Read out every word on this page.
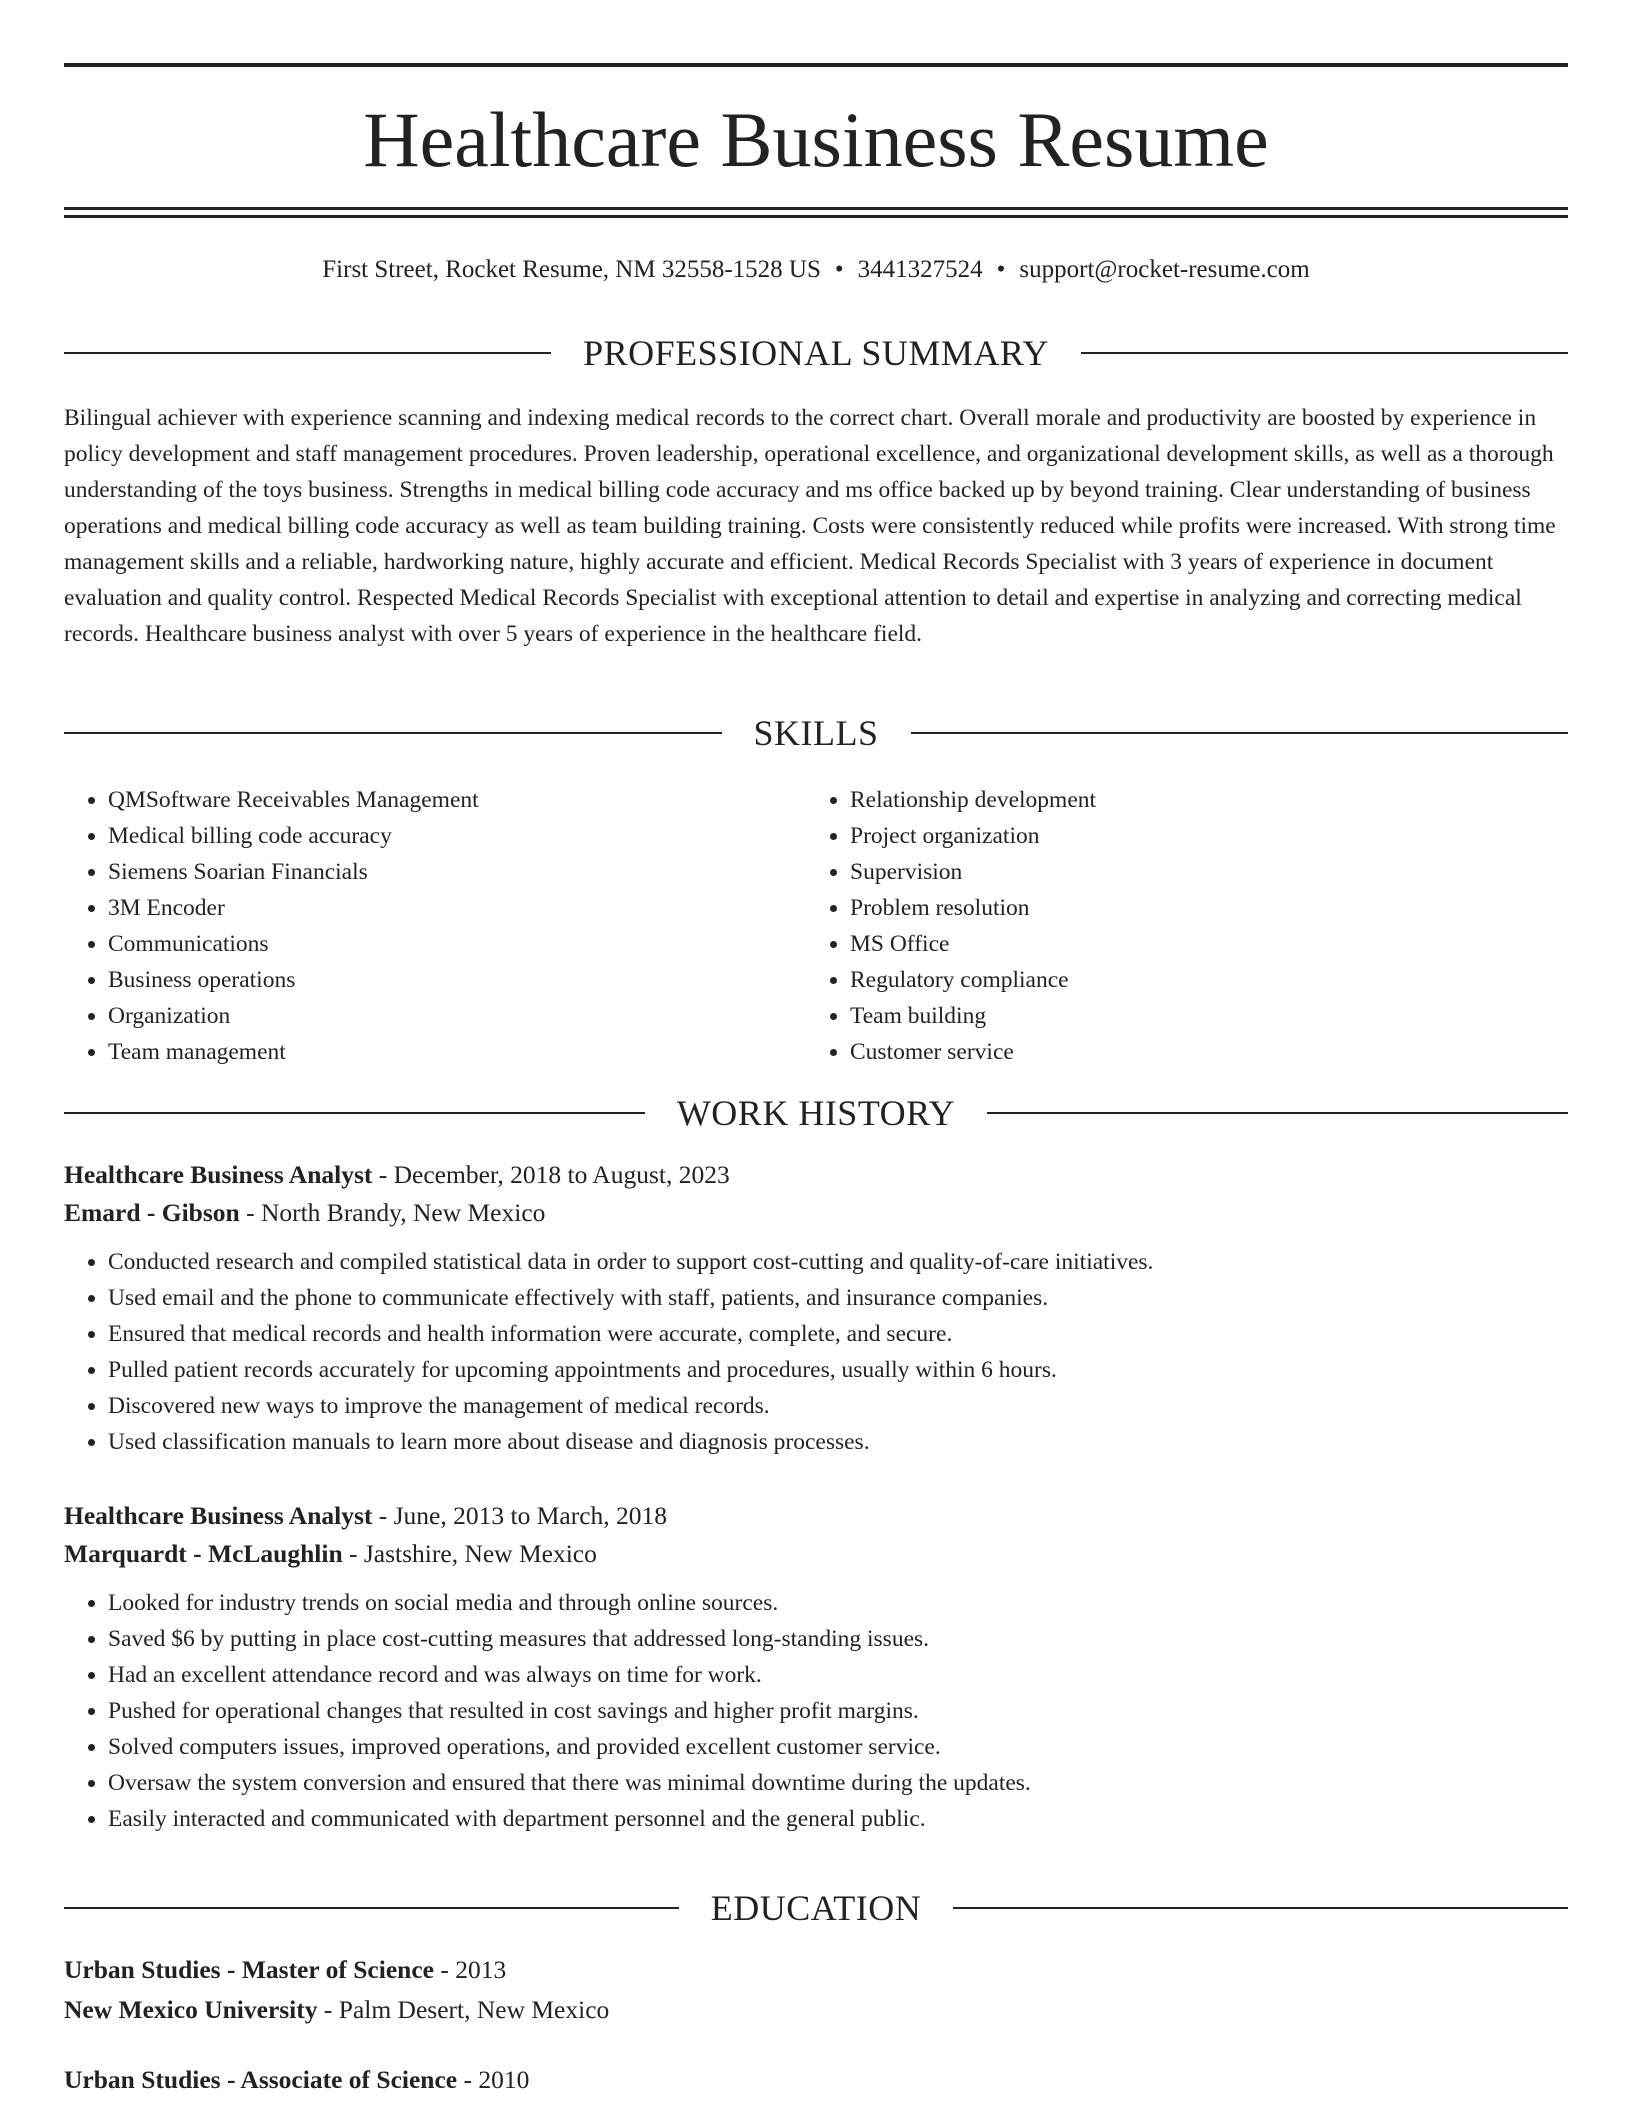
Healthcare Business Resume
First Street, Rocket Resume, NM 32558-1528 US • 3441327524 • support@rocket-resume.com
PROFESSIONAL SUMMARY

Bilingual achiever with experience scanning and indexing medical records to the correct chart. Overall morale and productivity are boosted by experience in policy development and staff management procedures. Proven leadership, operational excellence, and organizational development skills, as well as a thorough understanding of the toys business. Strengths in medical billing code accuracy and ms office backed up by beyond training. Clear understanding of business operations and medical billing code accuracy as well as team building training. Costs were consistently reduced while profits were increased. With strong time management skills and a reliable, hardworking nature, highly accurate and efficient. Medical Records Specialist with 3 years of experience in document evaluation and quality control. Respected Medical Records Specialist with exceptional attention to detail and expertise in analyzing and correcting medical records. Healthcare business analyst with over 5 years of experience in the healthcare field.

SKILLS
• QMSoftware Receivables Management
• Medical billing code accuracy
• Siemens Soarian Financials
• 3M Encoder
• Communications
• Business operations
• Organization
• Team management
• Relationship development
• Project organization
• Supervision
• Problem resolution
• MS Office
• Regulatory compliance
• Team building
• Customer service
WORK HISTORY
Healthcare Business Analyst - December, 2018 to August, 2023
Emard - Gibson - North Brandy, New Mexico
• Conducted research and compiled statistical data in order to support cost-cutting and quality-of-care initiatives.
• Used email and the phone to communicate effectively with staff, patients, and insurance companies.
• Ensured that medical records and health information were accurate, complete, and secure.
• Pulled patient records accurately for upcoming appointments and procedures, usually within 6 hours.
• Discovered new ways to improve the management of medical records.
• Used classification manuals to learn more about disease and diagnosis processes.
Healthcare Business Analyst - June, 2013 to March, 2018
Marquardt - McLaughlin - Jastshire, New Mexico
• Looked for industry trends on social media and through online sources.
• Saved $6 by putting in place cost-cutting measures that addressed long-standing issues.
• Had an excellent attendance record and was always on time for work.
• Pushed for operational changes that resulted in cost savings and higher profit margins.
• Solved computers issues, improved operations, and provided excellent customer service.
• Oversaw the system conversion and ensured that there was minimal downtime during the updates.
• Easily interacted and communicated with department personnel and the general public.
EDUCATION
Urban Studies - Master of Science - 2013
New Mexico University - Palm Desert, New Mexico
Urban Studies - Associate of Science - 2010
